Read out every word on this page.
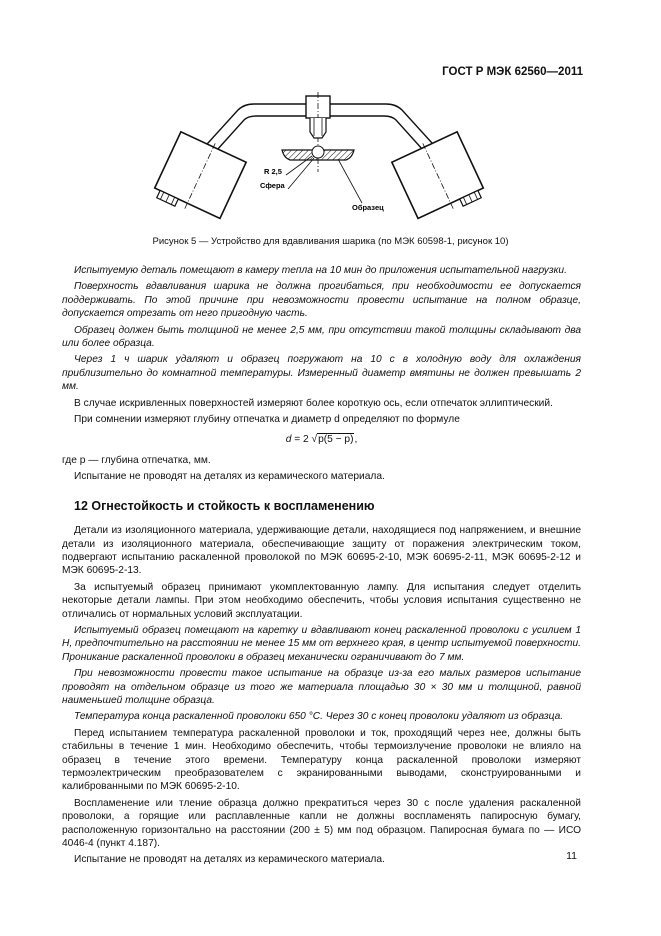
ГОСТ Р МЭК 62560—2011
R 2,5
Сфера
Образец
Рисунок 5 — Устройство для вдавливания шарика (по МЭК 60598-1, рисунок 10)

Испытуемую деталь помещают в камеру тепла на 10 мин до приложения испытательной нагрузки.

Поверхность вдавливания шарика не должна прогибаться, при необходимости ее допускается поддерживать. По этой причине при невозможности провести испытание на полном образце, допускается отрезать от него пригодную часть.

Образец должен быть толщиной не менее 2,5 мм, при отсутствии такой толщины складывают два или более образца.

Через 1 ч шарик удаляют и образец погружают на 10 с в холодную воду для охлаждения приблизительно до комнатной температуры. Измеренный диаметр вмятины не должен превышать 2 мм.

В случае искривленных поверхностей измеряют более короткую ось, если отпечаток эллиптический.

При сомнении измеряют глубину отпечатка и диаметр d определяют по формуле

d = 2 √p(5 − p),

где p — глубина отпечатка, мм.

Испытание не проводят на деталях из керамического материала.

12 Огнестойкость и стойкость к воспламенению

Детали из изоляционного материала, удерживающие детали, находящиеся под напряжением, и внешние детали из изоляционного материала, обеспечивающие защиту от поражения электрическим током, подвергают испытанию раскаленной проволокой по МЭК 60695-2-10, МЭК 60695-2-11, МЭК 60695-2-12 и МЭК 60695-2-13.

За испытуемый образец принимают укомплектованную лампу. Для испытания следует отделить некоторые детали лампы. При этом необходимо обеспечить, чтобы условия испытания существенно не отличались от нормальных условий эксплуатации.

Испытуемый образец помещают на каретку и вдавливают конец раскаленной проволоки с усилием 1 Н, предпочтительно на расстоянии не менее 15 мм от верхнего края, в центр испытуемой поверхности. Проникание раскаленной проволоки в образец механически ограничивают до 7 мм.

При невозможности провести такое испытание на образце из-за его малых размеров испытание проводят на отдельном образце из того же материала площадью 30 × 30 мм и толщиной, равной наименьшей толщине образца.

Температура конца раскаленной проволоки 650 °С. Через 30 с конец проволоки удаляют из образца.

Перед испытанием температура раскаленной проволоки и ток, проходящий через нее, должны быть стабильны в течение 1 мин. Необходимо обеспечить, чтобы термоизлучение проволоки не влияло на образец в течение этого времени. Температуру конца раскаленной проволоки измеряют термоэлектрическим преобразователем с экранированными выводами, сконструированными и калиброванными по МЭК 60695-2-10.

Воспламенение или тление образца должно прекратиться через 30 с после удаления раскаленной проволоки, а горящие или расплавленные капли не должны воспламенять папиросную бумагу, расположенную горизонтально на расстоянии (200 ± 5) мм под образцом. Папиросная бумага по — ИСО 4046-4 (пункт 4.187).

Испытание не проводят на деталях из керамического материала.	11
